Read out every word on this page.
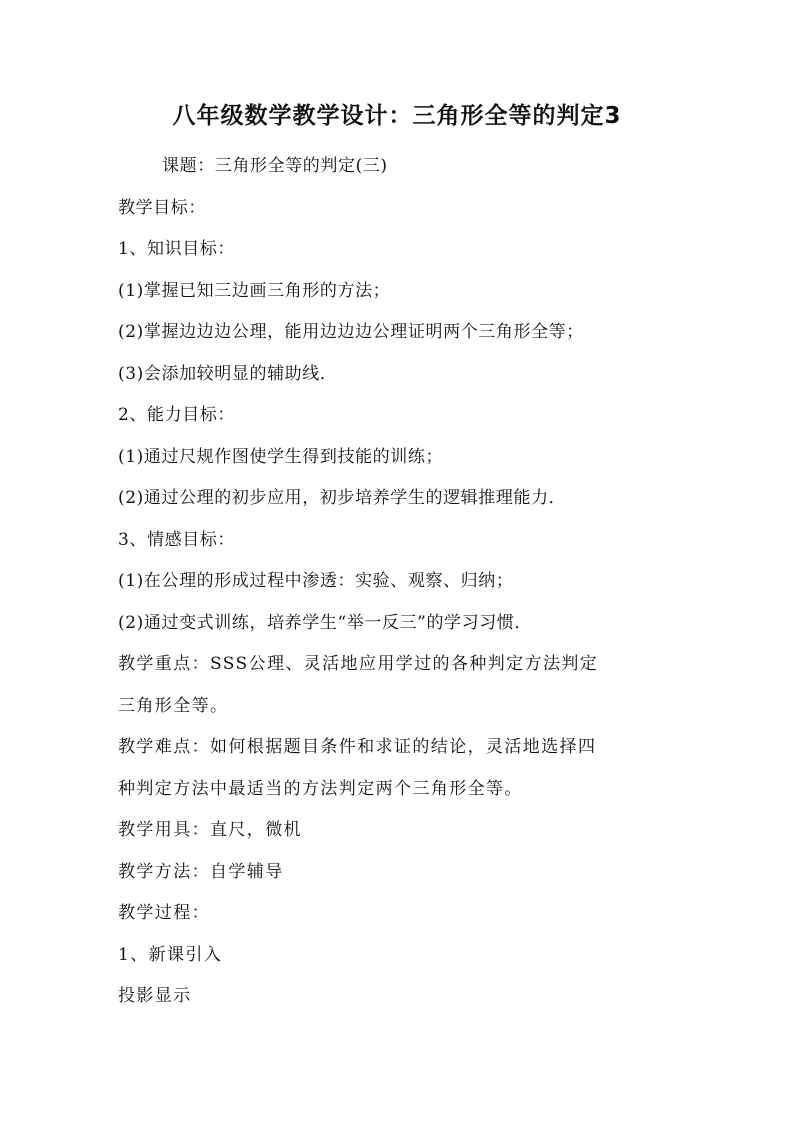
八年级数学教学设计：三角形全等的判定3
课题：三角形全等的判定(三)
教学目标：
1、知识目标：
(1)掌握已知三边画三角形的方法；
(2)掌握边边边公理，能用边边边公理证明两个三角形全等；
(3)会添加较明显的辅助线．
2、能力目标：
(1)通过尺规作图使学生得到技能的训练；
(2)通过公理的初步应用，初步培养学生的逻辑推理能力．
3、情感目标：
(1)在公理的形成过程中渗透：实验、观察、归纳；
(2)通过变式训练，培养学生“举一反三”的学习习惯．
教学重点：SSS公理、灵活地应用学过的各种判定方法判定
三角形全等。
教学难点：如何根据题目条件和求证的结论，灵活地选择四
种判定方法中最适当的方法判定两个三角形全等。
教学用具：直尺，微机
教学方法：自学辅导
教学过程：
1、新课引入
投影显示
